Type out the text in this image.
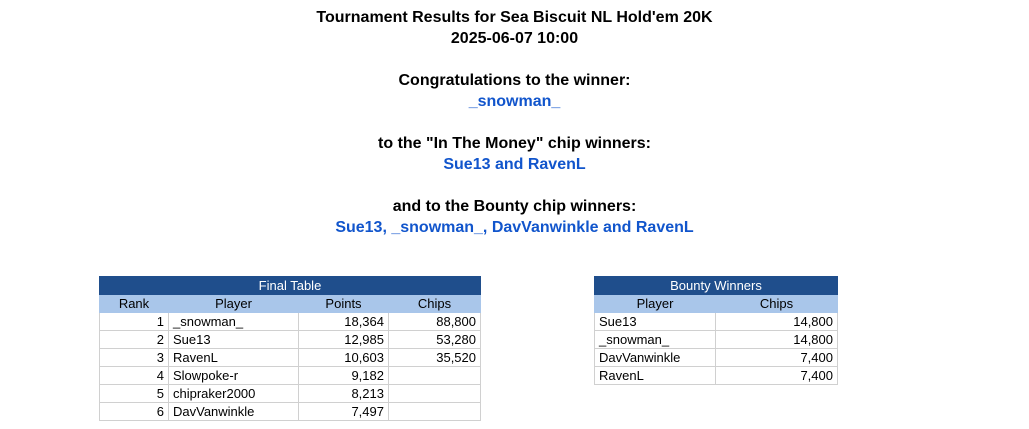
Tournament Results for Sea Biscuit NL Hold'em 20K
2025-06-07 10:00
Congratulations to the winner:
_snowman_
to the "In The Money" chip winners:
Sue13 and RavenL
and to the Bounty chip winners:
Sue13, _snowman_, DavVanwinkle and RavenL
Final Table			
Rank	Player	Points	Chips
1	_snowman_	18,364	88,800
2	Sue13	12,985	53,280
3	RavenL	10,603	35,520
4	Slowpoke-r	9,182	
5	chipraker2000	8,213	
6	DavVanwinkle	7,497	
Bounty Winners	
Player	Chips
Sue13	14,800
_snowman_	14,800
DavVanwinkle	7,400
RavenL	7,400
